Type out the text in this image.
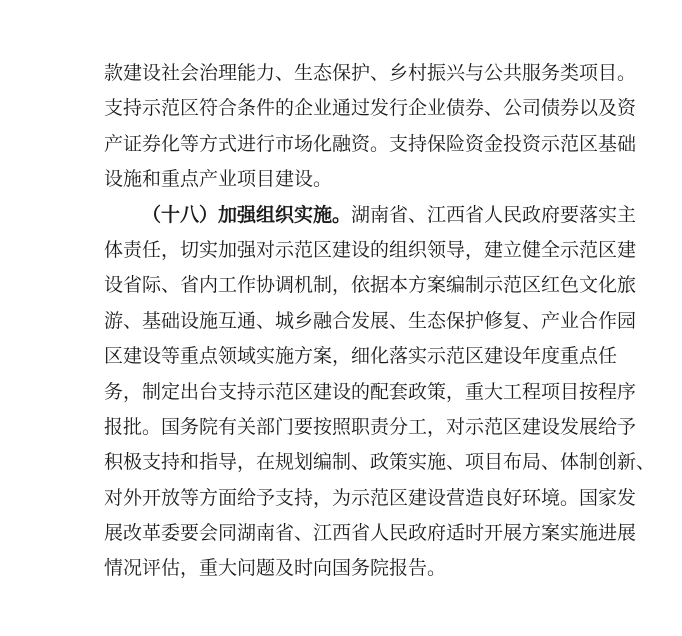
款建设社会治理能力、生态保护、乡村振兴与公共服务类项目。
支持示范区符合条件的企业通过发行企业债券、公司债券以及资
产证券化等方式进行市场化融资。支持保险资金投资示范区基础
设施和重点产业项目建设。
（十八）加强组织实施。湖南省、江西省人民政府要落实主
体责任，切实加强对示范区建设的组织领导，建立健全示范区建
设省际、省内工作协调机制，依据本方案编制示范区红色文化旅
游、基础设施互通、城乡融合发展、生态保护修复、产业合作园
区建设等重点领域实施方案，细化落实示范区建设年度重点任
务，制定出台支持示范区建设的配套政策，重大工程项目按程序
报批。国务院有关部门要按照职责分工，对示范区建设发展给予
积极支持和指导，在规划编制、政策实施、项目布局、体制创新、
对外开放等方面给予支持，为示范区建设营造良好环境。国家发
展改革委要会同湖南省、江西省人民政府适时开展方案实施进展
情况评估，重大问题及时向国务院报告。
